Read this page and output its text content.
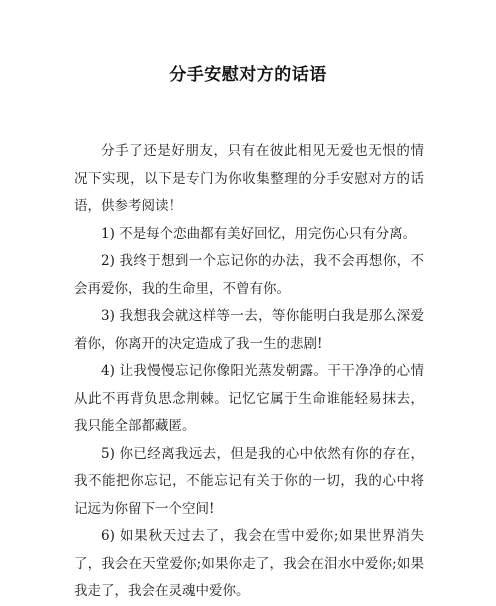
分手安慰对方的话语

分手了还是好朋友，只有在彼此相见无爱也无恨的情况下实现，以下是专门为你收集整理的分手安慰对方的话语，供参考阅读！

1) 不是每个恋曲都有美好回忆，用完伤心只有分离。

2) 我终于想到一个忘记你的办法，我不会再想你，不会再爱你，我的生命里，不曾有你。

3) 我想我会就这样等一去，等你能明白我是那么深爱着你，你离开的决定造成了我一生的悲剧!

4) 让我慢慢忘记你像阳光蒸发朝露。干干净净的心情从此不再背负思念荆棘。记忆它属于生命谁能轻易抹去，我只能全部都藏匿。

5) 你已经离我远去，但是我的心中依然有你的存在，我不能把你忘记，不能忘记有关于你的一切，我的心中将记远为你留下一个空间!

6) 如果秋天过去了，我会在雪中爱你;如果世界消失了，我会在天堂爱你;如果你走了，我会在泪水中爱你;如果我走了，我会在灵魂中爱你。
